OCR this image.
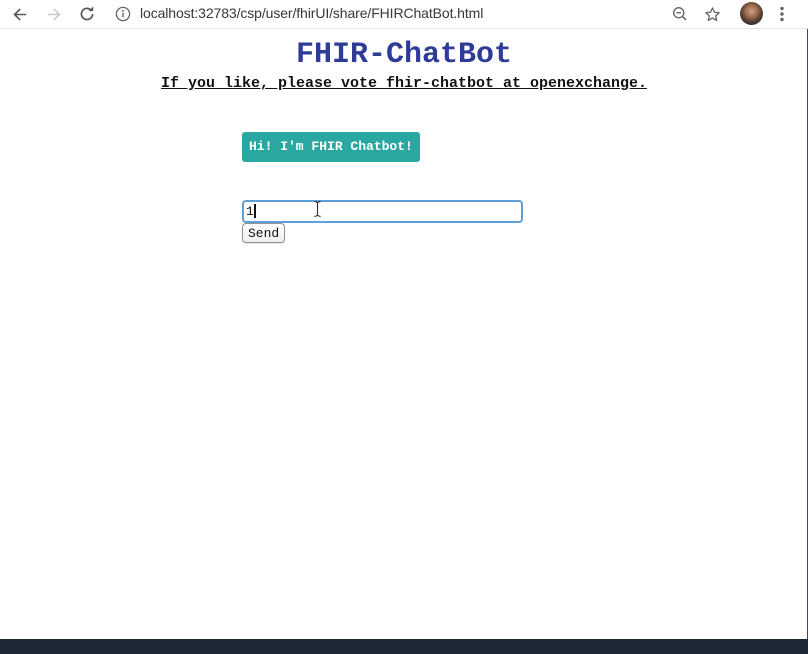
localhost:32783/csp/user/fhirUI/share/FHIRChatBot.html
FHIR-ChatBot
If you like, please vote fhir-chatbot at openexchange.
Hi! I'm FHIR Chatbot!
1
Send
